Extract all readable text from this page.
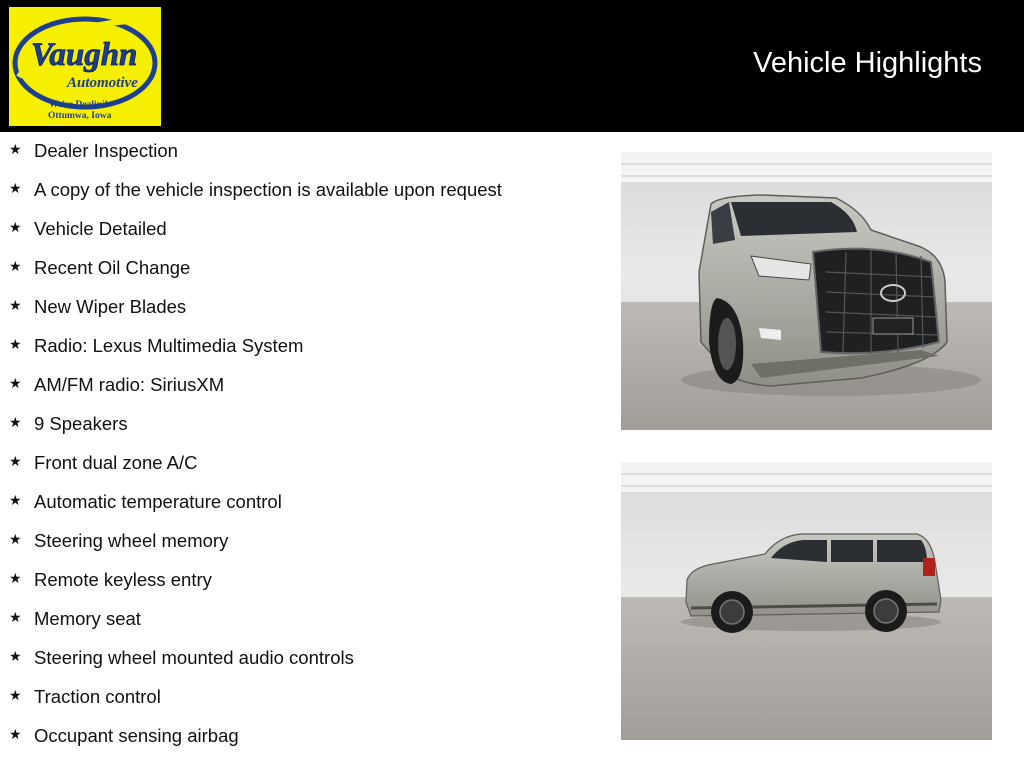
Vaughn
Automotive
We're Dealin'!
Ottumwa, Iowa
Vehicle Highlights
★ Dealer Inspection
★ A copy of the vehicle inspection is available upon request
★ Vehicle Detailed
★ Recent Oil Change
★ New Wiper Blades
★ Radio: Lexus Multimedia System
★ AM/FM radio: SiriusXM
★ 9 Speakers
★ Front dual zone A/C
★ Automatic temperature control
★ Steering wheel memory
★ Remote keyless entry
★ Memory seat
★ Steering wheel mounted audio controls
★ Traction control
★ Occupant sensing airbag
